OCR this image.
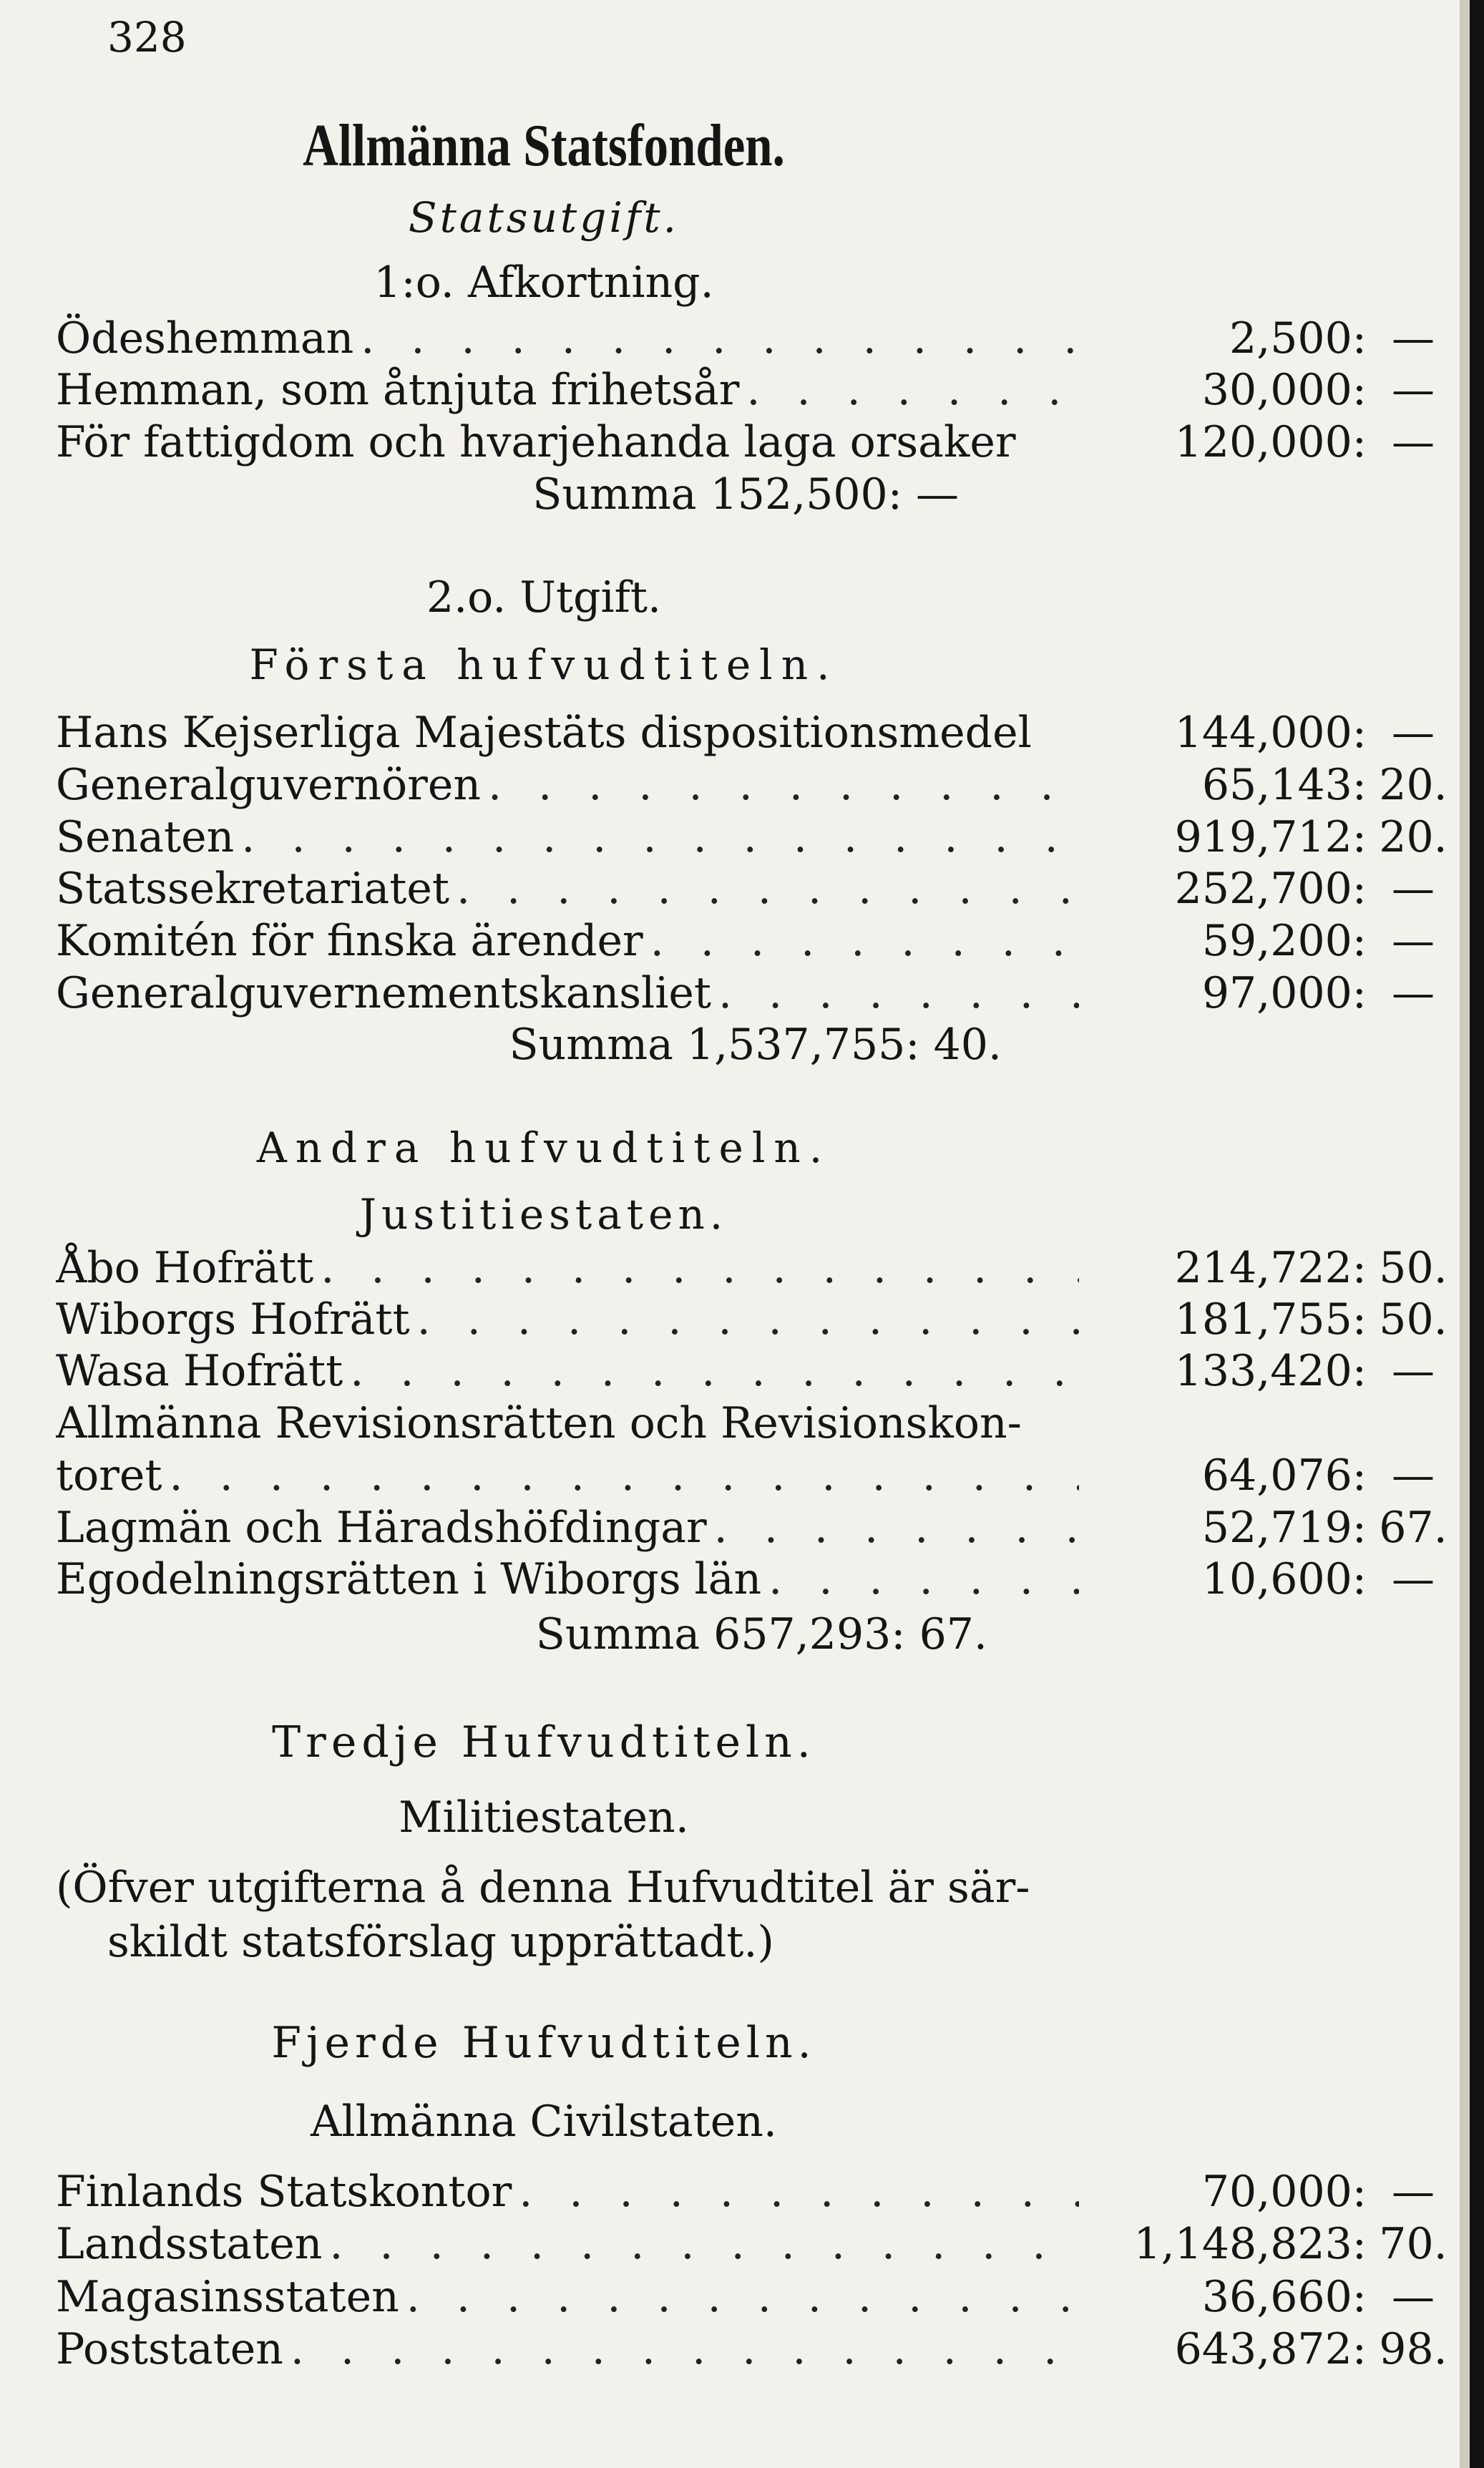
328
Allmänna Statsfonden.
Statsutgift.
1:o. Afkortning.
Ödeshemman . . .	2,500: —
Hemman, som åtnjuta frihetsår . . .	30,000: —
För fattigdom och hvarjehanda laga orsaker	120,000: —
Summa 152,500: —
2.o. Utgift.
Första hufvudtiteln.
Hans Kejserliga Majestäts dispositionsmedel	144,000: —
Generalguvernören . . .	65,143: 20.
Senaten . . .	919,712: 20.
Statssekretariatet . . .	252,700: —
Komitén för finska ärender . . .	59,200: —
Generalguvernementskansliet . . .	97,000: —
Summa 1,537,755: 40.
Andra hufvudtiteln.
Justitiestaten.
Åbo Hofrätt . . .	214,722: 50.
Wiborgs Hofrätt . . .	181,755: 50.
Wasa Hofrätt . . .	133,420: —
Allmänna Revisionsrätten och Revisionskon-
toret . . .	64,076: —
Lagmän och Häradshöfdingar . . .	52,719: 67.
Egodelningsrätten i Wiborgs län . . .	10,600: —
Summa 657,293: 67.
Tredje Hufvudtiteln.
Militiestaten.
(Öfver utgifterna å denna Hufvudtitel är sär-
skildt statsförslag upprättadt.)
Fjerde Hufvudtiteln.
Allmänna Civilstaten.
Finlands Statskontor . . .	70,000: —
Landsstaten . . .	1,148,823: 70.
Magasinsstaten . . .	36,660: —
Poststaten . . .	643,872: 98.
